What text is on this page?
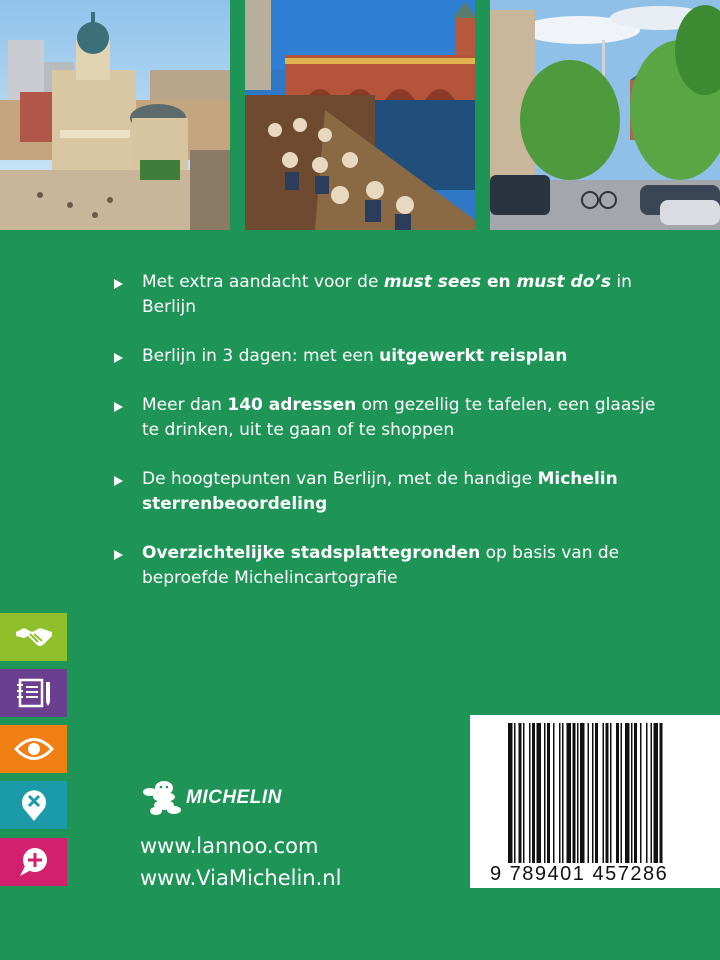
Met extra aandacht voor de must sees en must do’s in Berlijn
Berlijn in 3 dagen: met een uitgewerkt reisplan
Meer dan 140 adressen om gezellig te tafelen, een glaasje te drinken, uit te gaan of te shoppen
De hoogtepunten van Berlijn, met de handige Michelin sterrenbeoordeling
Overzichtelijke stadsplattegronden op basis van de beproefde Michelincartografie
MICHELIN
www.lannoo.com
www.ViaMichelin.nl	9 789401 457286
